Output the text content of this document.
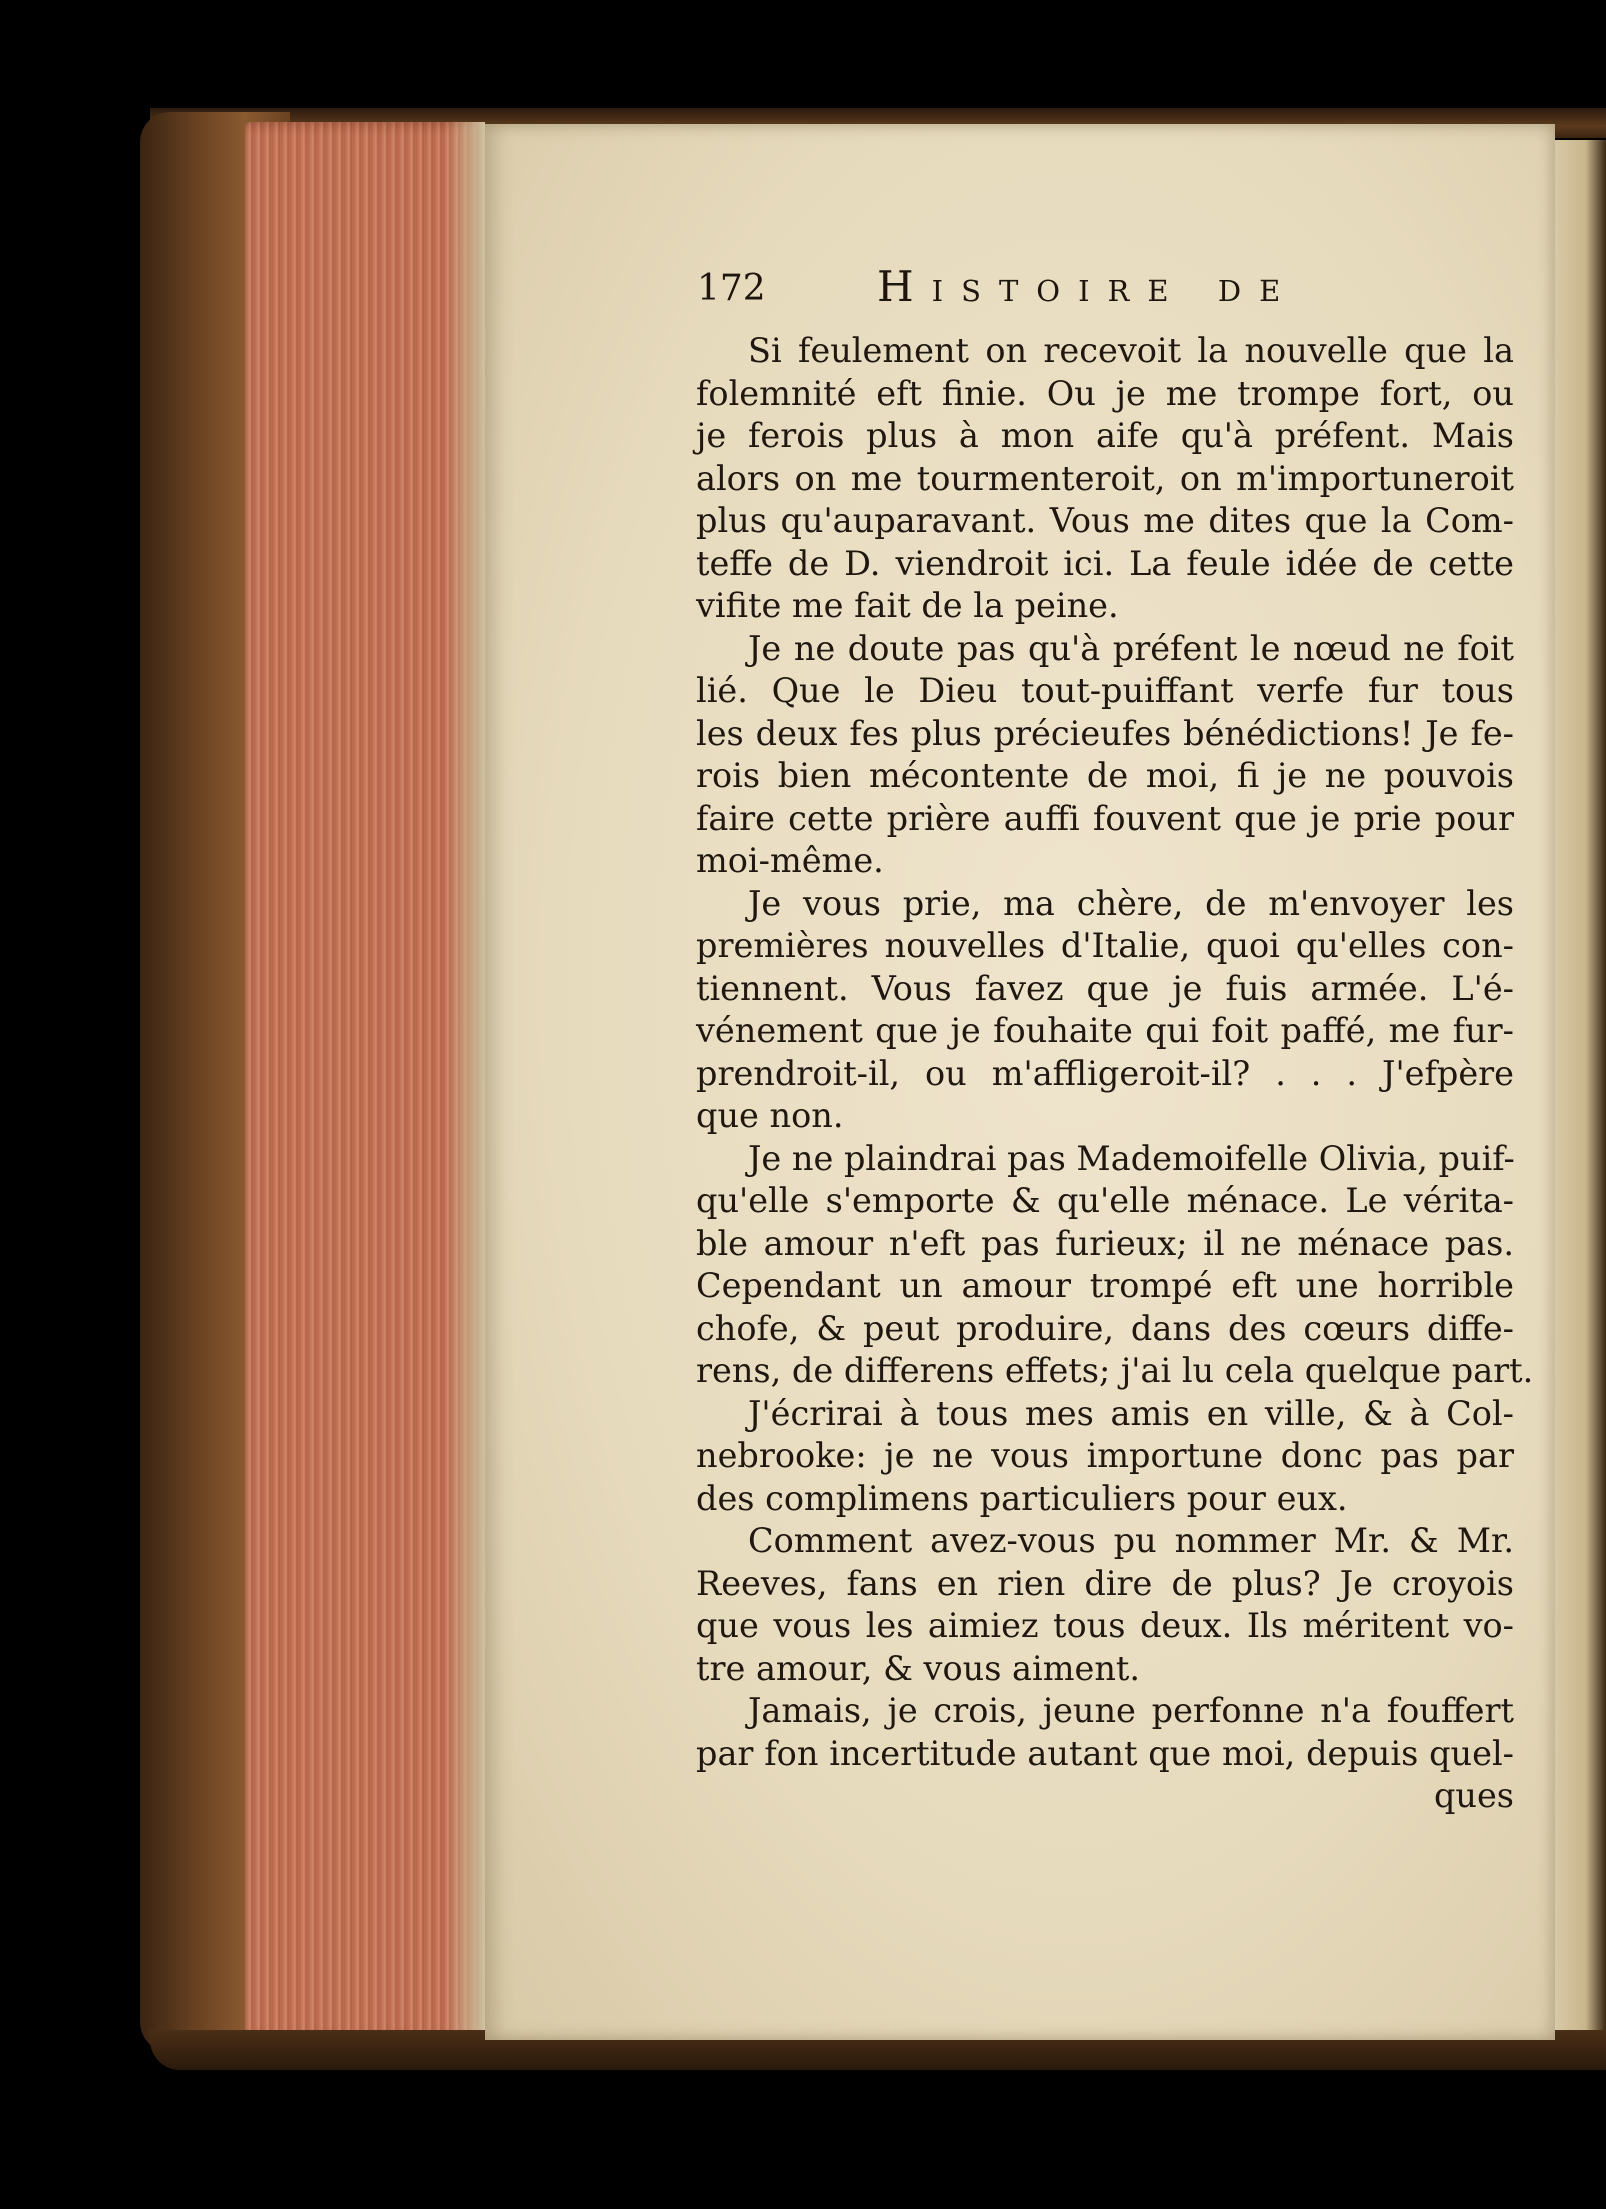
172	Histoire de
Si feulement on recevoit la nouvelle que la
folemnité eft finie. Ou je me trompe fort, ou
je ferois plus à mon aife qu'à préfent. Mais
alors on me tourmenteroit, on m'importuneroit
plus qu'auparavant. Vous me dites que la Com-
teffe de D. viendroit ici. La feule idée de cette
vifite me fait de la peine.
Je ne doute pas qu'à préfent le nœud ne foit
lié. Que le Dieu tout-puiffant verfe fur tous
les deux fes plus précieufes bénédictions! Je fe-
rois bien mécontente de moi, fi je ne pouvois
faire cette prière auffi fouvent que je prie pour
moi-même.
Je vous prie, ma chère, de m'envoyer les
premières nouvelles d'Italie, quoi qu'elles con-
tiennent. Vous favez que je fuis armée. L'é-
vénement que je fouhaite qui foit paffé, me fur-
prendroit-il, ou m'affligeroit-il? . . . J'efpère
que non.
Je ne plaindrai pas Mademoifelle Olivia, puif-
qu'elle s'emporte & qu'elle ménace. Le vérita-
ble amour n'eft pas furieux; il ne ménace pas.
Cependant un amour trompé eft une horrible
chofe, & peut produire, dans des cœurs diffe-
rens, de differens effets; j'ai lu cela quelque part.
J'écrirai à tous mes amis en ville, & à Col-
nebrooke: je ne vous importune donc pas par
des complimens particuliers pour eux.
Comment avez-vous pu nommer Mr. & Mr.
Reeves, fans en rien dire de plus? Je croyois
que vous les aimiez tous deux. Ils méritent vo-
tre amour, & vous aiment.
Jamais, je crois, jeune perfonne n'a fouffert
par fon incertitude autant que moi, depuis quel-
ques
